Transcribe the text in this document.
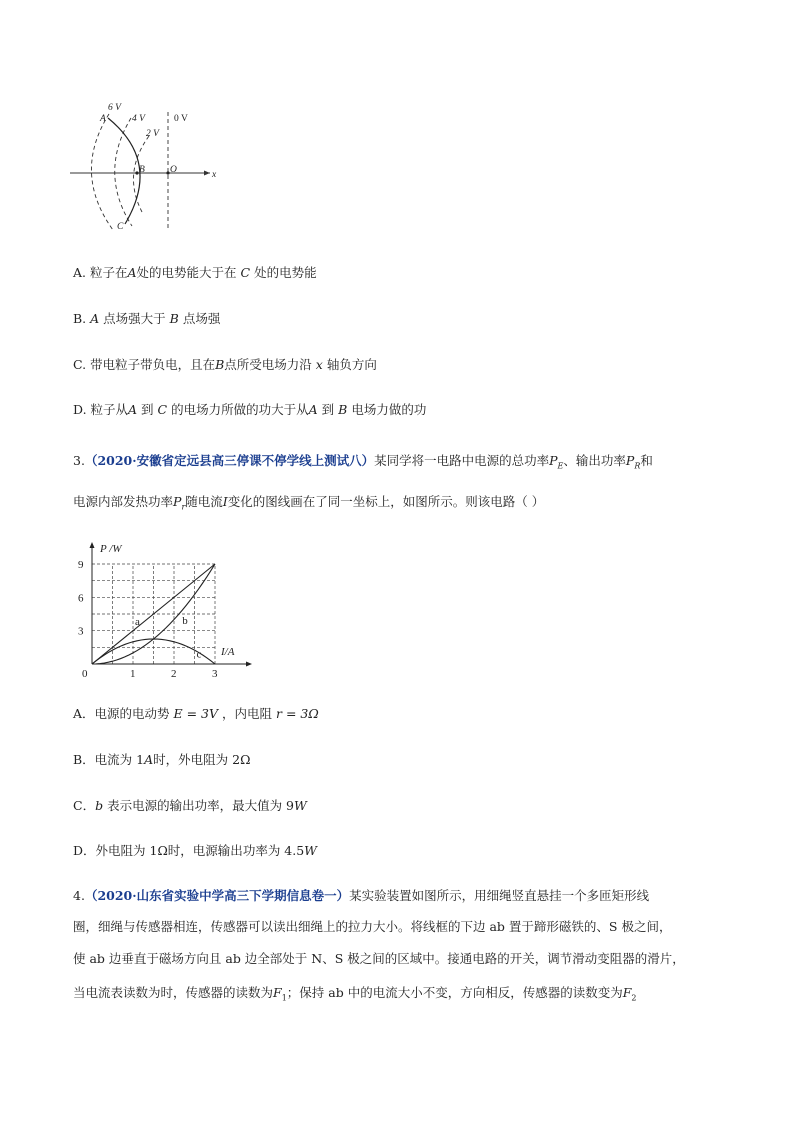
6 V
4 V
2 V
0 V
A
B	O
C
x
A. 粒子在A处的电势能大于在 C 处的电势能
B. A 点场强大于 B 点场强
C. 带电粒子带负电，且在B点所受电场力沿 x 轴负方向
D. 粒子从A 到 C 的电场力所做的功大于从A 到 B 电场力做的功
3.（2020·安徽省定远县高三停课不停学线上测试八）某同学将一电路中电源的总功率$P_E$、输出功率$P_R$和
电源内部发热功率$P_r$随电流I变化的图线画在了同一坐标上，如图所示。则该电路（ ）
0	1	2	3
3
6
9
a	b
c
P /W
I/A
A．电源的电动势 E = 3V ，内电阻 r = 3Ω
B．电流为 1A时，外电阻为 2Ω
C．b 表示电源的输出功率，最大值为 9W
D．外电阻为 1Ω时，电源输出功率为 4.5W
4.（2020·山东省实验中学高三下学期信息卷一）某实验装置如图所示，用细绳竖直悬挂一个多匝矩形线
圈，细绳与传感器相连，传感器可以读出细绳上的拉力大小。将线框的下边 ab 置于蹄形磁铁的、S 极之间，
使 ab 边垂直于磁场方向且 ab 边全部处于 N、S 极之间的区域中。接通电路的开关，调节滑动变阻器的滑片，
当电流表读数为时，传感器的读数为$F_1$；保持 ab 中的电流大小不变，方向相反，传感器的读数变为$F_2$
